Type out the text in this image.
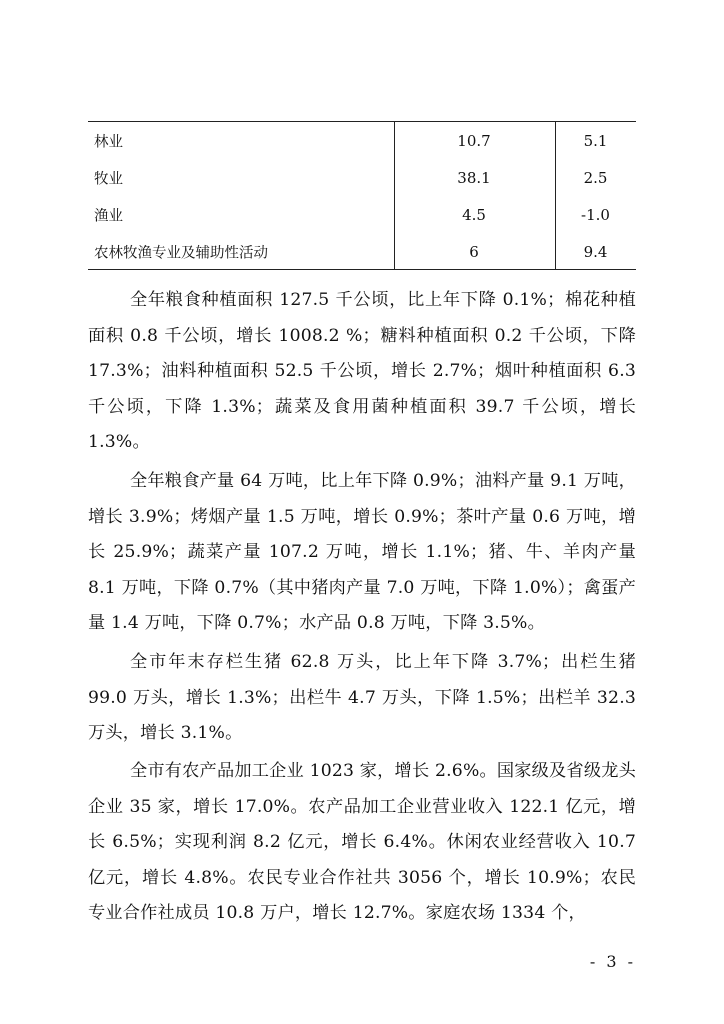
林业	10.7	5.1
牧业	38.1	2.5
渔业	4.5	-1.0
农林牧渔专业及辅助性活动	6	9.4

全年粮食种植面积 127.5 千公顷，比上年下降 0.1%；棉花种植面积 0.8 千公顷，增长 1008.2 %；糖料种植面积 0.2 千公顷，下降 17.3%；油料种植面积 52.5 千公顷，增长 2.7%；烟叶种植面积 6.3 千公顷，下降 1.3%；蔬菜及食用菌种植面积 39.7 千公顷，增长 1.3%。

全年粮食产量 64 万吨，比上年下降 0.9%；油料产量 9.1 万吨，增长 3.9%；烤烟产量 1.5 万吨，增长 0.9%；茶叶产量 0.6 万吨，增长 25.9%；蔬菜产量 107.2 万吨，增长 1.1%；猪、牛、羊肉产量 8.1 万吨，下降 0.7%（其中猪肉产量 7.0 万吨，下降 1.0%）；禽蛋产量 1.4 万吨，下降 0.7%；水产品 0.8 万吨，下降 3.5%。

全市年末存栏生猪 62.8 万头，比上年下降 3.7%；出栏生猪 99.0 万头，增长 1.3%；出栏牛 4.7 万头，下降 1.5%；出栏羊 32.3 万头，增长 3.1%。

全市有农产品加工企业 1023 家，增长 2.6%。国家级及省级龙头企业 35 家，增长 17.0%。农产品加工企业营业收入 122.1 亿元，增长 6.5%；实现利润 8.2 亿元，增长 6.4%。休闲农业经营收入 10.7 亿元，增长 4.8%。农民专业合作社共 3056 个，增长 10.9%；农民专业合作社成员 10.8 万户，增长 12.7%。家庭农场 1334 个，

- 3 -
